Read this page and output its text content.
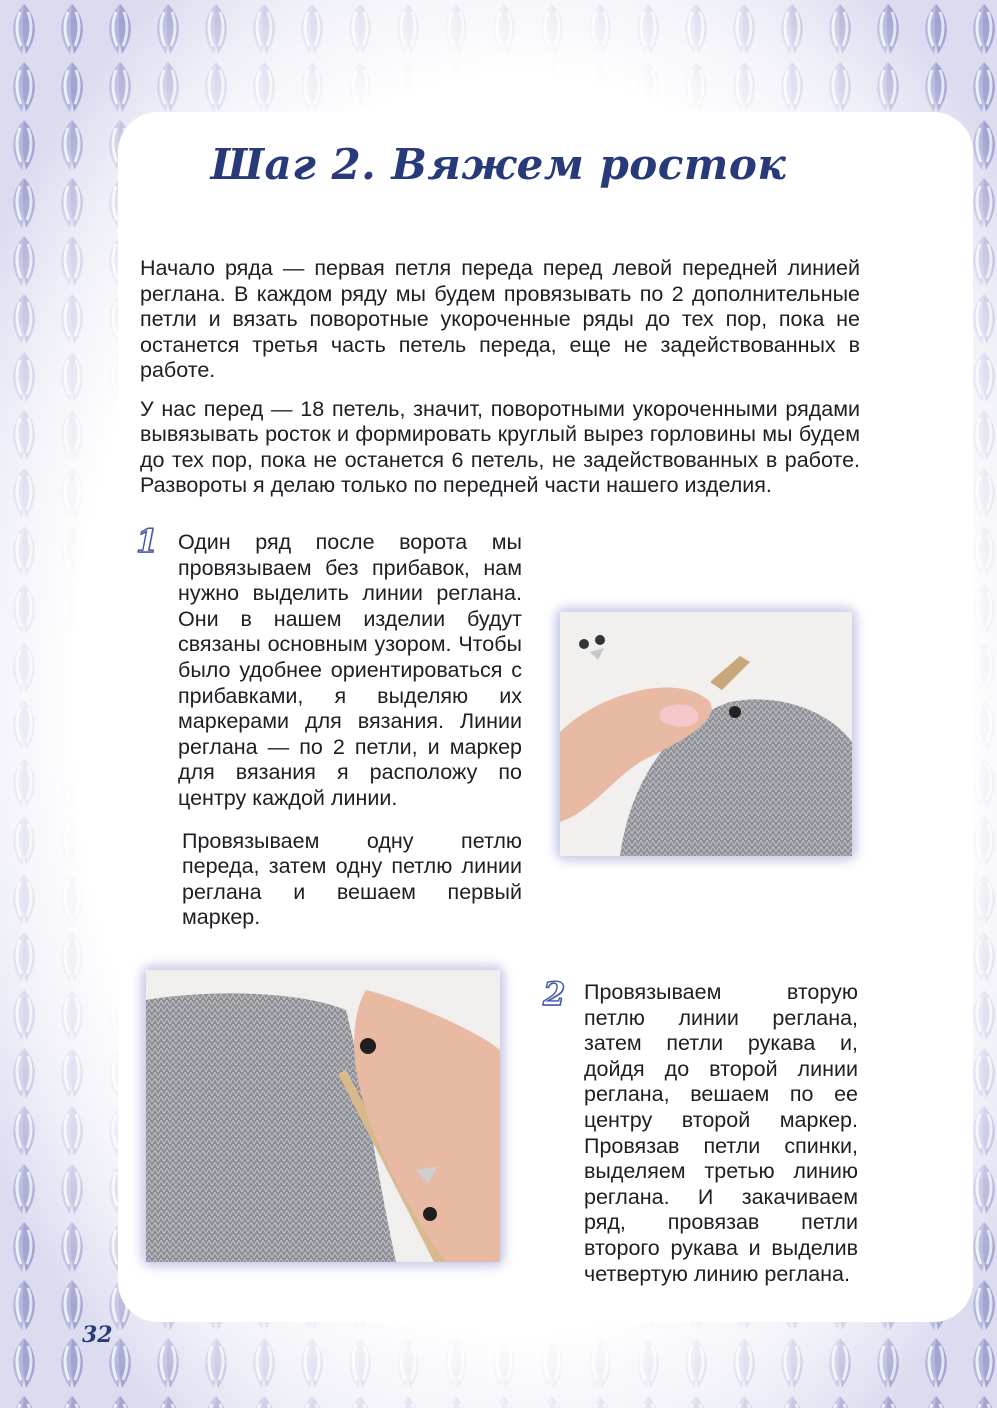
Шаг 2. Вяжем росток

Начало ряда — первая петля переда перед левой передней линией реглана. В каждом ряду мы будем провязывать по 2 дополнительные петли и вязать поворотные укороченные ряды до тех пор, пока не останется третья часть петель переда, еще не задействованных в работе.

У нас перед — 18 петель, значит, поворотными укороченными рядами вывязывать росток и формировать круглый вырез горловины мы будем до тех пор, пока не останется 6 петель, не задействованных в работе. Развороты я делаю только по передней части нашего изделия.

1 Один ряд после ворота мы провязываем без прибавок, нам нужно выделить линии реглана. Они в нашем изделии будут связаны основным узором. Чтобы было удобнее ориентироваться с прибавками, я выделяю их маркерами для вязания. Линии реглана — по 2 петли, и маркер для вязания я расположу по центру каждой линии.

Провязываем одну петлю переда, затем одну петлю линии реглана и вешаем первый маркер.

2 Провязываем вторую петлю линии реглана, затем петли рукава и, дойдя до второй линии реглана, вешаем по ее центру второй маркер. Провязав петли спинки, выделяем третью линию реглана. И закачиваем ряд, провязав петли второго рукава и выделив четвертую линию реглана.

32
